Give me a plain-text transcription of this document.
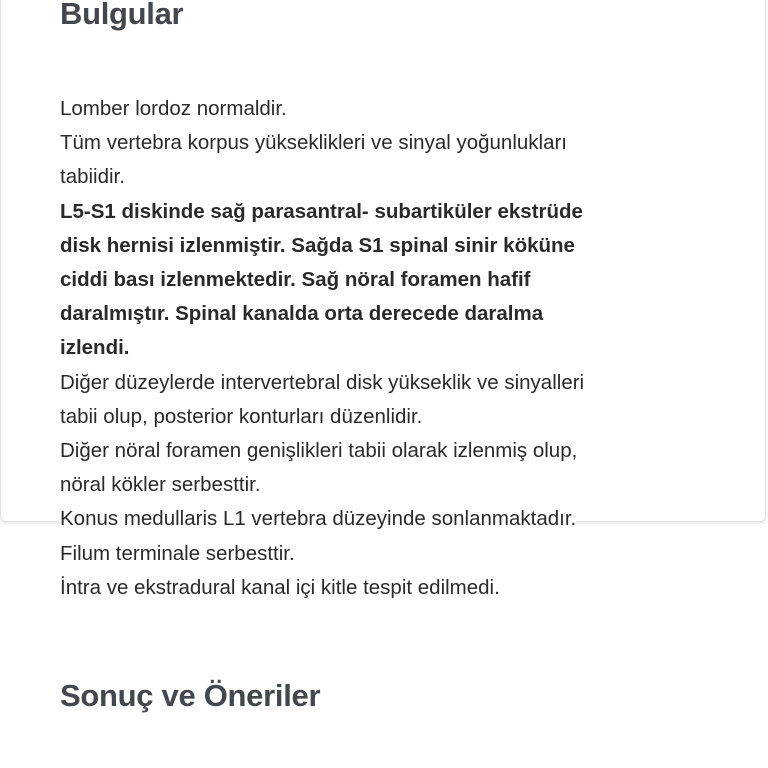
Bulgular
Lomber lordoz normaldir.
Tüm vertebra korpus yükseklikleri ve sinyal yoğunlukları
tabiidir.
L5-S1 diskinde sağ parasantral- subartiküler ekstrüde
disk hernisi izlenmiştir. Sağda S1 spinal sinir köküne
ciddi bası izlenmektedir. Sağ nöral foramen hafif
daralmıştır. Spinal kanalda orta derecede daralma
izlendi.
Diğer düzeylerde intervertebral disk yükseklik ve sinyalleri
tabii olup, posterior konturları düzenlidir.
Diğer nöral foramen genişlikleri tabii olarak izlenmiş olup,
nöral kökler serbesttir.
Konus medullaris L1 vertebra düzeyinde sonlanmaktadır.
Filum terminale serbesttir.
İntra ve ekstradural kanal içi kitle tespit edilmedi.
Sonuç ve Öneriler
